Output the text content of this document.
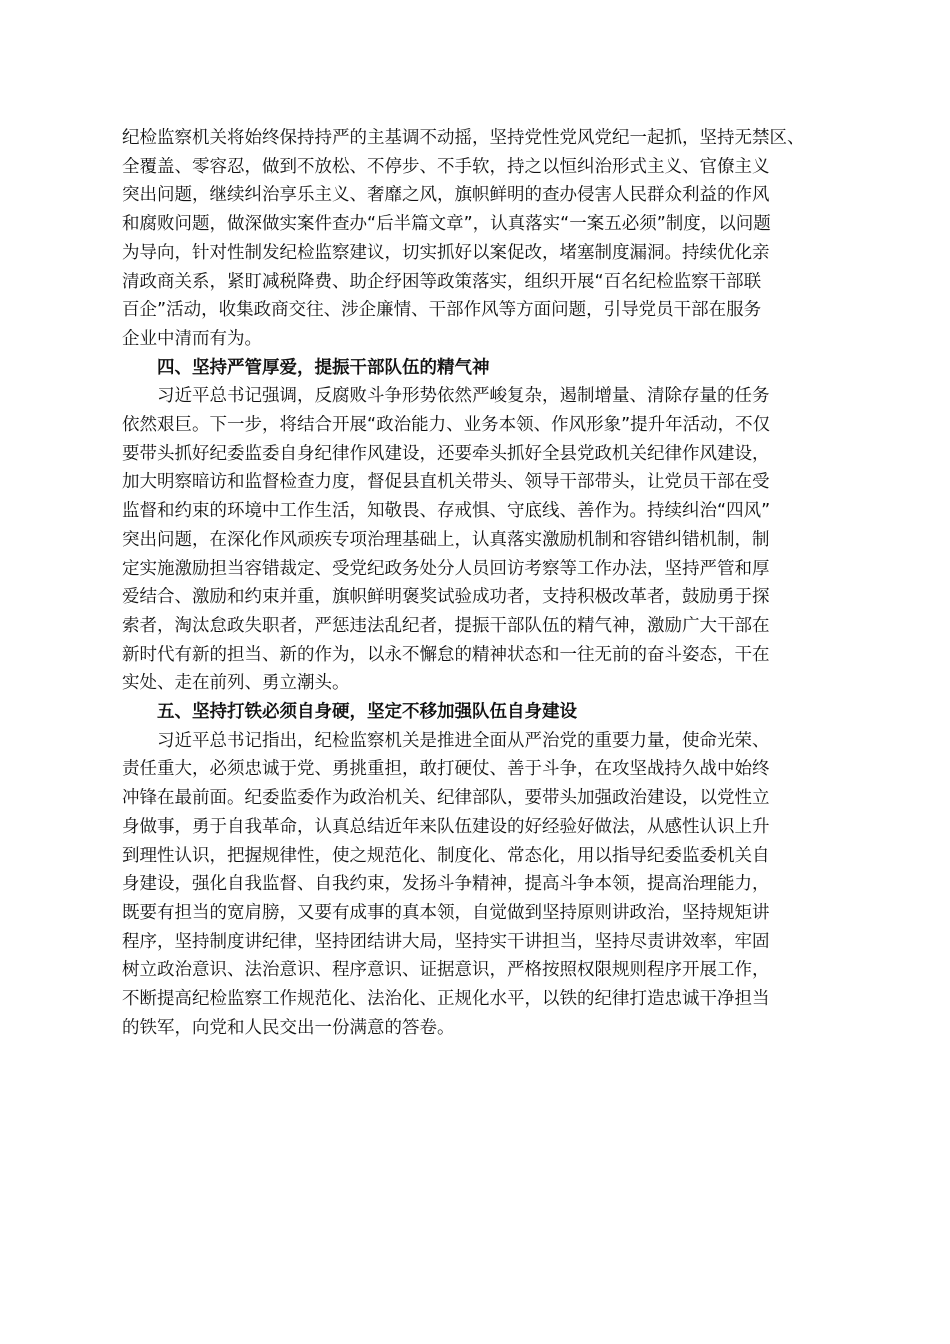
纪检监察机关将始终保持持严的主基调不动摇，坚持党性党风党纪一起抓，坚持无禁区、
全覆盖、零容忍，做到不放松、不停步、不手软，持之以恒纠治形式主义、官僚主义
突出问题，继续纠治享乐主义、奢靡之风，旗帜鲜明的查办侵害人民群众利益的作风
和腐败问题，做深做实案件查办“后半篇文章”，认真落实“一案五必须”制度，以问题
为导向，针对性制发纪检监察建议，切实抓好以案促改，堵塞制度漏洞。持续优化亲
清政商关系，紧盯减税降费、助企纾困等政策落实，组织开展“百名纪检监察干部联
百企”活动，收集政商交往、涉企廉情、干部作风等方面问题，引导党员干部在服务
企业中清而有为。

四、坚持严管厚爱，提振干部队伍的精气神

习近平总书记强调，反腐败斗争形势依然严峻复杂，遏制增量、清除存量的任务
依然艰巨。下一步，将结合开展“政治能力、业务本领、作风形象”提升年活动，不仅
要带头抓好纪委监委自身纪律作风建设，还要牵头抓好全县党政机关纪律作风建设，
加大明察暗访和监督检查力度，督促县直机关带头、领导干部带头，让党员干部在受
监督和约束的环境中工作生活，知敬畏、存戒惧、守底线、善作为。持续纠治“四风”
突出问题，在深化作风顽疾专项治理基础上，认真落实激励机制和容错纠错机制，制
定实施激励担当容错裁定、受党纪政务处分人员回访考察等工作办法，坚持严管和厚
爱结合、激励和约束并重，旗帜鲜明褒奖试验成功者，支持积极改革者，鼓励勇于探
索者，淘汰怠政失职者，严惩违法乱纪者，提振干部队伍的精气神，激励广大干部在
新时代有新的担当、新的作为，以永不懈怠的精神状态和一往无前的奋斗姿态，干在
实处、走在前列、勇立潮头。

五、坚持打铁必须自身硬，坚定不移加强队伍自身建设

习近平总书记指出，纪检监察机关是推进全面从严治党的重要力量，使命光荣、
责任重大，必须忠诚于党、勇挑重担，敢打硬仗、善于斗争，在攻坚战持久战中始终
冲锋在最前面。纪委监委作为政治机关、纪律部队，要带头加强政治建设，以党性立
身做事，勇于自我革命，认真总结近年来队伍建设的好经验好做法，从感性认识上升
到理性认识，把握规律性，使之规范化、制度化、常态化，用以指导纪委监委机关自
身建设，强化自我监督、自我约束，发扬斗争精神，提高斗争本领，提高治理能力，
既要有担当的宽肩膀，又要有成事的真本领，自觉做到坚持原则讲政治，坚持规矩讲
程序，坚持制度讲纪律，坚持团结讲大局，坚持实干讲担当，坚持尽责讲效率，牢固
树立政治意识、法治意识、程序意识、证据意识，严格按照权限规则程序开展工作，
不断提高纪检监察工作规范化、法治化、正规化水平，以铁的纪律打造忠诚干净担当
的铁军，向党和人民交出一份满意的答卷。
